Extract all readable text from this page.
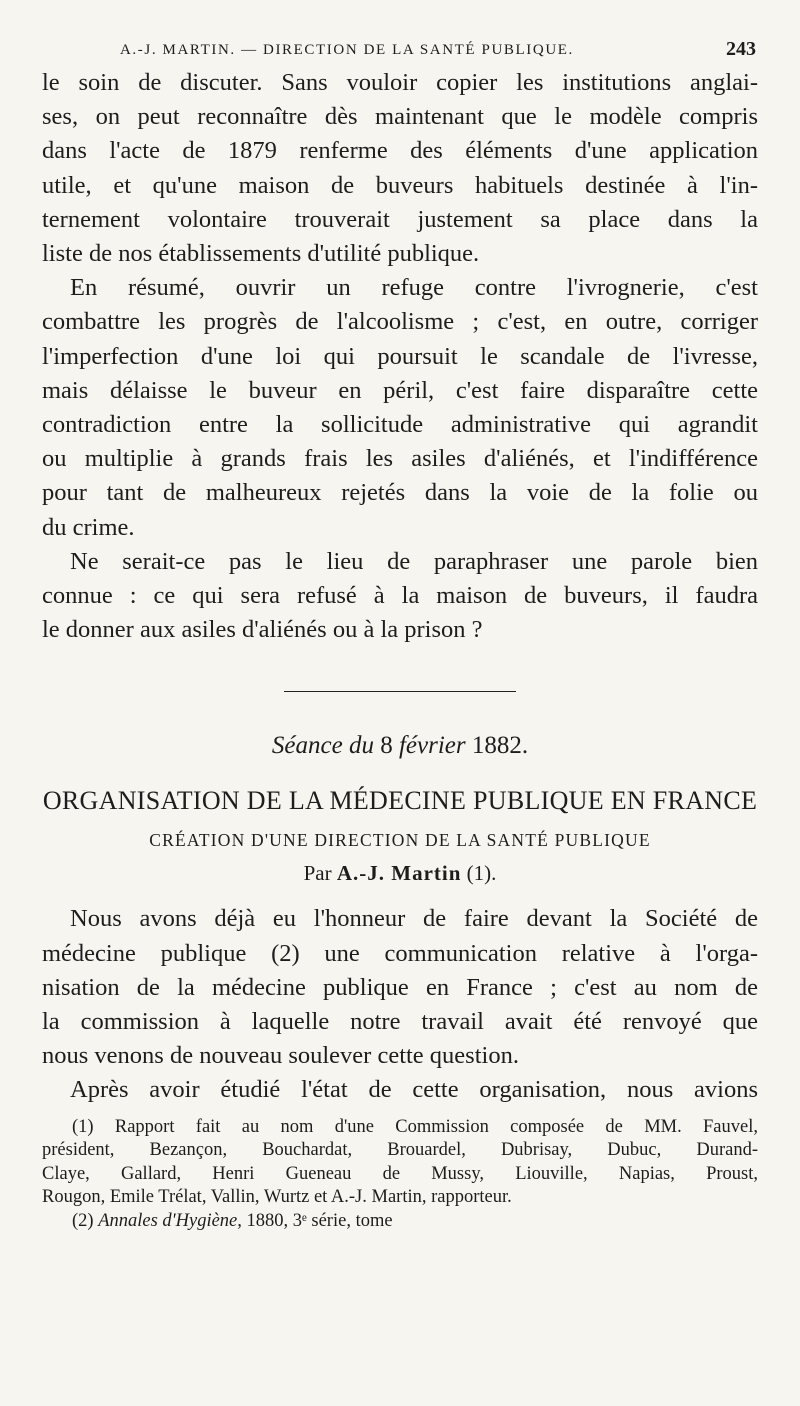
A.-J. MARTIN. — DIRECTION DE LA SANTÉ PUBLIQUE.	243

le soin de discuter. Sans vouloir copier les institutions anglai-

ses, on peut reconnaître dès maintenant que le modèle compris

dans l'acte de 1879 renferme des éléments d'une application

utile, et qu'une maison de buveurs habituels destinée à l'in-

ternement volontaire trouverait justement sa place dans la

liste de nos établissements d'utilité publique.

En résumé, ouvrir un refuge contre l'ivrognerie, c'est

combattre les progrès de l'alcoolisme ; c'est, en outre, corriger

l'imperfection d'une loi qui poursuit le scandale de l'ivresse,

mais délaisse le buveur en péril, c'est faire disparaître cette

contradiction entre la sollicitude administrative qui agrandit

ou multiplie à grands frais les asiles d'aliénés, et l'indifférence

pour tant de malheureux rejetés dans la voie de la folie ou

du crime.

Ne serait-ce pas le lieu de paraphraser une parole bien

connue : ce qui sera refusé à la maison de buveurs, il faudra

le donner aux asiles d'aliénés ou à la prison ?

Séance du 8 février 1882.
ORGANISATION DE LA MÉDECINE PUBLIQUE EN FRANCE
CRÉATION D'UNE DIRECTION DE LA SANTÉ PUBLIQUE
Par A.-J. Martin (1).

Nous avons déjà eu l'honneur de faire devant la Société de

médecine publique (2) une communication relative à l'orga-

nisation de la médecine publique en France ; c'est au nom de

la commission à laquelle notre travail avait été renvoyé que

nous venons de nouveau soulever cette question.

Après avoir étudié l'état de cette organisation, nous avions

(1) Rapport fait au nom d'une Commission composée de MM. Fauvel,

président, Bezançon, Bouchardat, Brouardel, Dubrisay, Dubuc, Durand-

Claye, Gallard, Henri Gueneau de Mussy, Liouville, Napias, Proust,

Rougon, Emile Trélat, Vallin, Wurtz et A.-J. Martin, rapporteur.

(2) Annales d'Hygiène, 1880, 3ᵉ série, tome
